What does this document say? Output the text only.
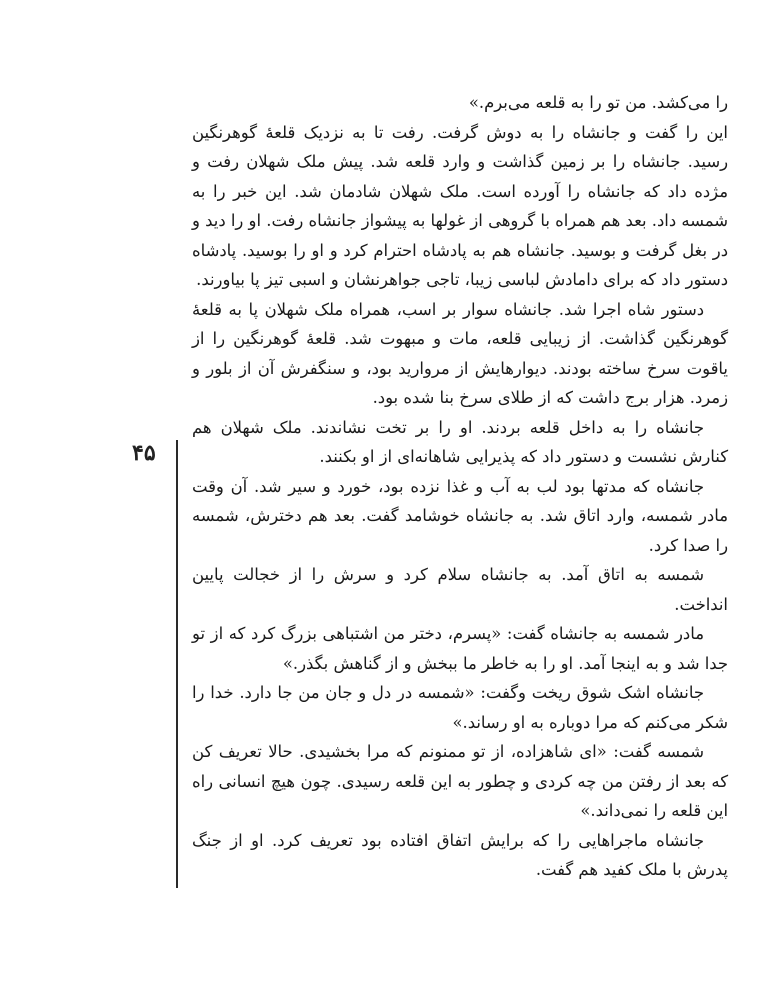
۴۵

را می‌کشد. من تو را به قلعه می‌برم.»

این را گفت و جانشاه را به دوش گرفت. رفت تا به نزدیک قلعهٔ گوهرنگین رسید. جانشاه را بر زمین گذاشت و وارد قلعه شد. پیش ملک شهلان رفت و مژده داد که جانشاه را آورده است. ملک شهلان شادمان شد. این خبر را به شمسه داد. بعد هم همراه با گروهی از غولها به پیشواز جانشاه رفت. او را دید و در بغل گرفت و بوسید. جانشاه هم به پادشاه احترام کرد و او را بوسید. پادشاه دستور داد که برای دامادش لباسی زیبا، تاجی جواهرنشان و اسبی تیز پا بیاورند.

دستور شاه اجرا شد. جانشاه سوار بر اسب، همراه ملک شهلان پا به قلعهٔ گوهرنگین گذاشت. از زیبایی قلعه، مات و مبهوت شد. قلعهٔ گوهرنگین را از یاقوت سرخ ساخته بودند. دیوارهایش از مروارید بود، و سنگفرش آن از بلور و زمرد. هزار برج داشت که از طلای سرخ بنا شده بود.

جانشاه را به داخل قلعه بردند. او را بر تخت نشاندند. ملک شهلان هم کنارش نشست و دستور داد که پذیرایی شاهانه‌ای از او بکنند.

جانشاه که مدتها بود لب به آب و غذا نزده بود، خورد و سیر شد. آن وقت مادر شمسه، وارد اتاق شد. به جانشاه خوشامد گفت. بعد هم دخترش، شمسه را صدا کرد.

شمسه به اتاق آمد. به جانشاه سلام کرد و سرش را از خجالت پایین انداخت.

مادر شمسه به جانشاه گفت: «پسرم، دختر من اشتباهی بزرگ کرد که از تو جدا شد و به اینجا آمد. او را به خاطر ما ببخش و از گناهش بگذر.»

جانشاه اشک شوق ریخت وگفت: «شمسه در دل و جان من جا دارد. خدا را شکر می‌کنم که مرا دوباره به او رساند.»

شمسه گفت: «ای شاهزاده، از تو ممنونم که مرا بخشیدی. حالا تعریف کن که بعد از رفتن من چه کردی و چطور به این قلعه رسیدی. چون هیچ انسانی راه این قلعه را نمی‌داند.»

جانشاه ماجراهایی را که برایش اتفاق افتاده بود تعریف کرد. او از جنگ پدرش با ملک کفید هم گفت.
